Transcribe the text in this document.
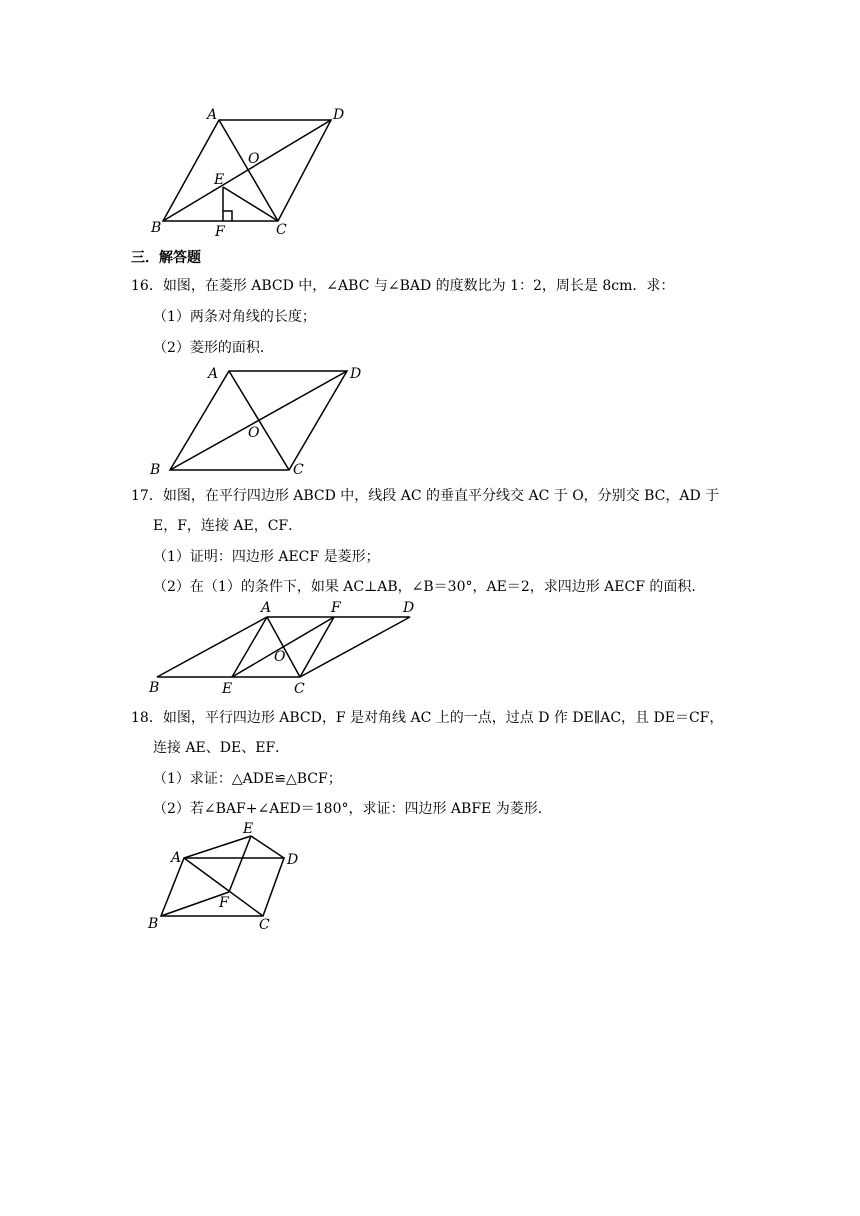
A	D
O
E
B	F	C
三．解答题
16．如图，在菱形 ABCD 中，∠ABC 与∠BAD 的度数比为 1：2，周长是 8cm．求：
（1）两条对角线的长度；
（2）菱形的面积．
A	D
O
B	C
17．如图，在平行四边形 ABCD 中，线段 AC 的垂直平分线交 AC 于 O，分别交 BC，AD 于
E，F，连接 AE，CF．
（1）证明：四边形 AECF 是菱形；
（2）在（1）的条件下，如果 AC⊥AB，∠B＝30°，AE＝2，求四边形 AECF 的面积．
A	F	D
O
B	E	C
18．如图，平行四边形 ABCD，F 是对角线 AC 上的一点，过点 D 作 DE∥AC，且 DE＝CF，
连接 AE、DE、EF．
（1）求证：△ADE≌△BCF；
（2）若∠BAF+∠AED＝180°，求证：四边形 ABFE 为菱形．
E
A	D
F
B	C
